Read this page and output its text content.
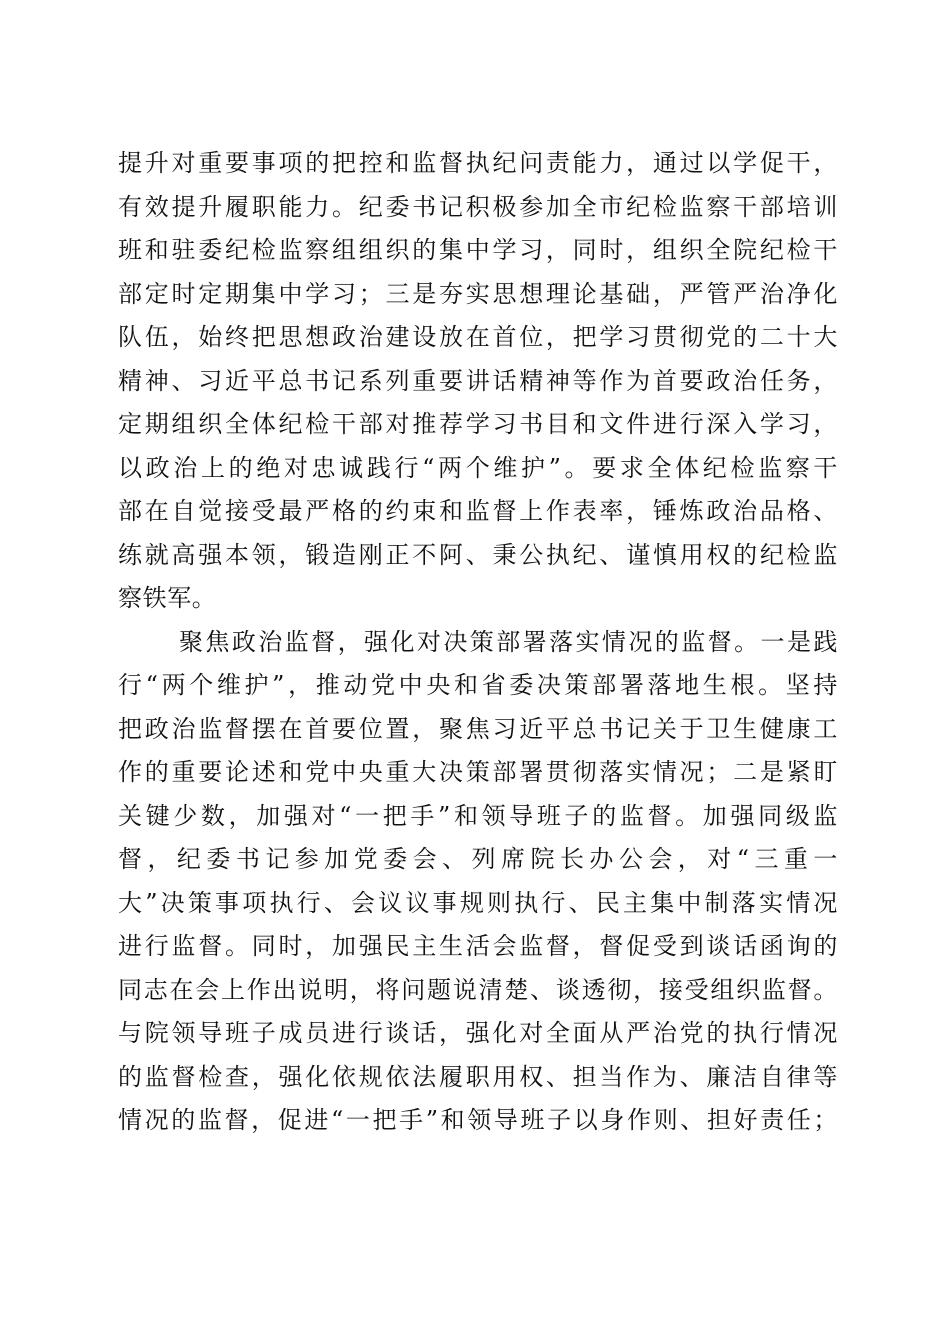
提升对重要事项的把控和监督执纪问责能力，通过以学促干，
有效提升履职能力。纪委书记积极参加全市纪检监察干部培训
班和驻委纪检监察组组织的集中学习，同时，组织全院纪检干
部定时定期集中学习；三是夯实思想理论基础，严管严治净化
队伍，始终把思想政治建设放在首位，把学习贯彻党的二十大
精神、习近平总书记系列重要讲话精神等作为首要政治任务，
定期组织全体纪检干部对推荐学习书目和文件进行深入学习，
以政治上的绝对忠诚践行“两个维护”。要求全体纪检监察干
部在自觉接受最严格的约束和监督上作表率，锤炼政治品格、
练就高强本领，锻造刚正不阿、秉公执纪、谨慎用权的纪检监
察铁军。
聚焦政治监督，强化对决策部署落实情况的监督。一是践
行“两个维护”，推动党中央和省委决策部署落地生根。坚持
把政治监督摆在首要位置，聚焦习近平总书记关于卫生健康工
作的重要论述和党中央重大决策部署贯彻落实情况；二是紧盯
关键少数，加强对“一把手”和领导班子的监督。加强同级监
督，纪委书记参加党委会、列席院长办公会，对“三重一
大”决策事项执行、会议议事规则执行、民主集中制落实情况
进行监督。同时，加强民主生活会监督，督促受到谈话函询的
同志在会上作出说明，将问题说清楚、谈透彻，接受组织监督。
与院领导班子成员进行谈话，强化对全面从严治党的执行情况
的监督检查，强化依规依法履职用权、担当作为、廉洁自律等
情况的监督，促进“一把手”和领导班子以身作则、担好责任；
